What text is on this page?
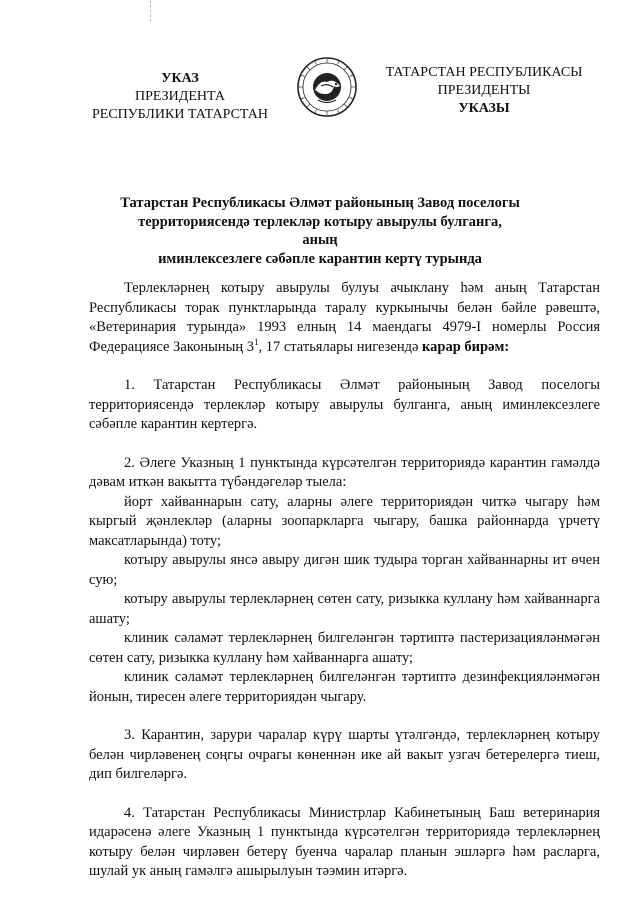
УКАЗ
ПРЕЗИДЕНТА
РЕСПУБЛИКИ ТАТАРСТАН
ТАТАРСТАН РЕСПУБЛИКАСЫ
ПРЕЗИДЕНТЫ
УКАЗЫ
Татарстан Республикасы Әлмәт районының Завод поселогы
территориясендә терлекләр котыру авырулы булганга, аның
иминлексезлеге сәбәпле карантин кертү турында

Терлекләрнең котыру авырулы булуы ачыклану һәм аның Татарстан Республикасы торак пунктларында таралу куркынычы белән бәйле рәвештә, «Ветеринария турында» 1993 елның 14 маендагы 4979-I номерлы Россия Федерациясе Законының $3^1$, 17 статьялары нигезендә карар бирәм:

1. Татарстан Республикасы Әлмәт районының Завод поселогы территориясендә терлекләр котыру авырулы булганга, аның иминлексезлеге сәбәпле карантин кертергә.

2. Әлеге Указның 1 пунктында күрсәтелгән территориядә карантин гамәлдә дәвам иткән вакытта түбәндәгеләр тыела:

йорт хайваннарын сату, аларны әлеге территориядән читкә чыгару һәм кыргый җәнлекләр (аларны зоопаркларга чыгару, башка районнарда үрчетү максатларында) тоту;

котыру авырулы янсә авыру дигән шик тудыра торган хайваннарны ит өчен сую;

котыру авырулы терлекләрнең сөтен сату, ризыкка куллану һәм хайваннарга ашату;

клиник сәламәт терлекләрнең билгеләнгән тәртиптә пастеризацияләнмәгән сөтен сату, ризыкка куллану һәм хайваннарга ашату;

клиник сәламәт терлекләрнең билгеләнгән тәртиптә дезинфекцияләнмәгән йонын, тиресен әлеге территориядән чыгару.

3. Карантин, зарури чаралар күрү шарты үтәлгәндә, терлекләрнең котыру белән чирләвенең соңгы очрагы көненнән ике ай вакыт узгач бетерелергә тиеш, дип билгеләргә.

4. Татарстан Республикасы Министрлар Кабинетының Баш ветеринария идарәсенә әлеге Указның 1 пунктында күрсәтелгән территориядә терлекләрнең котыру белән чирләвен бетерү буенча чаралар планын эшләргә һәм расларга, шулай ук аның гамәлгә ашырылуын тәэмин итәргә.
